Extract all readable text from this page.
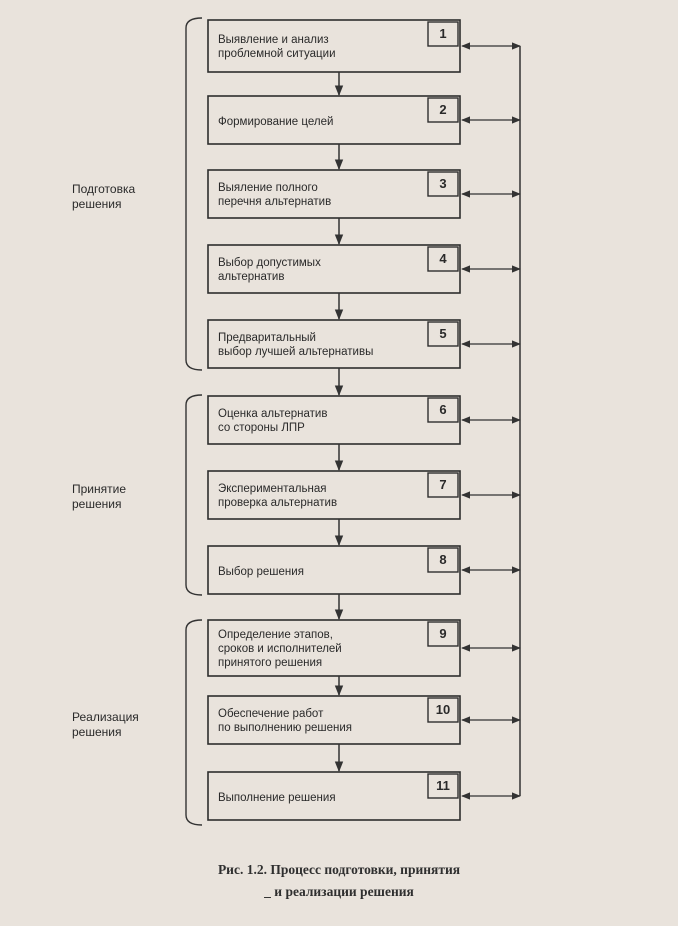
Выявление и анализ
проблемной ситуации
1
Формирование целей
2
Выяление полного
перечня альтернатив
3
Выбор допустимых
альтернатив
4
Предваритальный
выбор лучшей альтернативы
5
Оценка альтернатив
со стороны ЛПР
6
Экспериментальная
проверка альтернатив
7
Выбор решения
8
Определение этапов,
сроков и исполнителей
принятого решения
9
Обеспечение работ
по выполнению решения
10
Выполнение решения
11
Подготовка
решения
Принятие
решения
Реализация
решения
Рис. 1.2. Процесс подготовки, принятия
_ и реализации решения
